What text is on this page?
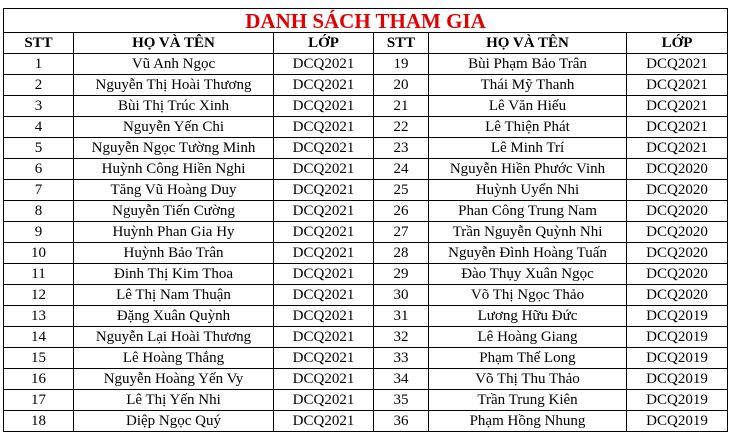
DANH SÁCH THAM GIA					
STT	HỌ VÀ TÊN	LỚP	STT	HỌ VÀ TÊN	LỚP
1	Vũ Anh Ngọc	DCQ2021	19	Bùi Phạm Bảo Trân	DCQ2021
2	Nguyễn Thị Hoài Thương	DCQ2021	20	Thái Mỹ Thanh	DCQ2021
3	Bùi Thị Trúc Xinh	DCQ2021	21	Lê Văn Hiếu	DCQ2021
4	Nguyễn Yến Chi	DCQ2021	22	Lê Thiện Phát	DCQ2021
5	Nguyễn Ngọc Tường Minh	DCQ2021	23	Lê Minh Trí	DCQ2021
6	Huỳnh Công Hiền Nghi	DCQ2021	24	Nguyễn Hiền Phước Vinh	DCQ2020
7	Tăng Vũ Hoàng Duy	DCQ2021	25	Huỳnh Uyển Nhi	DCQ2020
8	Nguyễn Tiến Cường	DCQ2021	26	Phan Công Trung Nam	DCQ2020
9	Huỳnh Phan Gia Hy	DCQ2021	27	Trần Nguyễn Quỳnh Nhi	DCQ2020
10	Huỳnh Bảo Trân	DCQ2021	28	Nguyễn Đình Hoàng Tuấn	DCQ2020
11	Đinh Thị Kim Thoa	DCQ2021	29	Đào Thụy Xuân Ngọc	DCQ2020
12	Lê Thị Nam Thuận	DCQ2021	30	Võ Thị Ngọc Thảo	DCQ2020
13	Đặng Xuân Quỳnh	DCQ2021	31	Lương Hữu Đức	DCQ2019
14	Nguyễn Lại Hoài Thương	DCQ2021	32	Lê Hoàng Giang	DCQ2019
15	Lê Hoàng Thắng	DCQ2021	33	Phạm Thế Long	DCQ2019
16	Nguyễn Hoàng Yến Vy	DCQ2021	34	Võ Thị Thu Thảo	DCQ2019
17	Lê Thị Yến Nhi	DCQ2021	35	Trần Trung Kiên	DCQ2019
18	Diệp Ngọc Quý	DCQ2021	36	Phạm Hồng Nhung	DCQ2019
